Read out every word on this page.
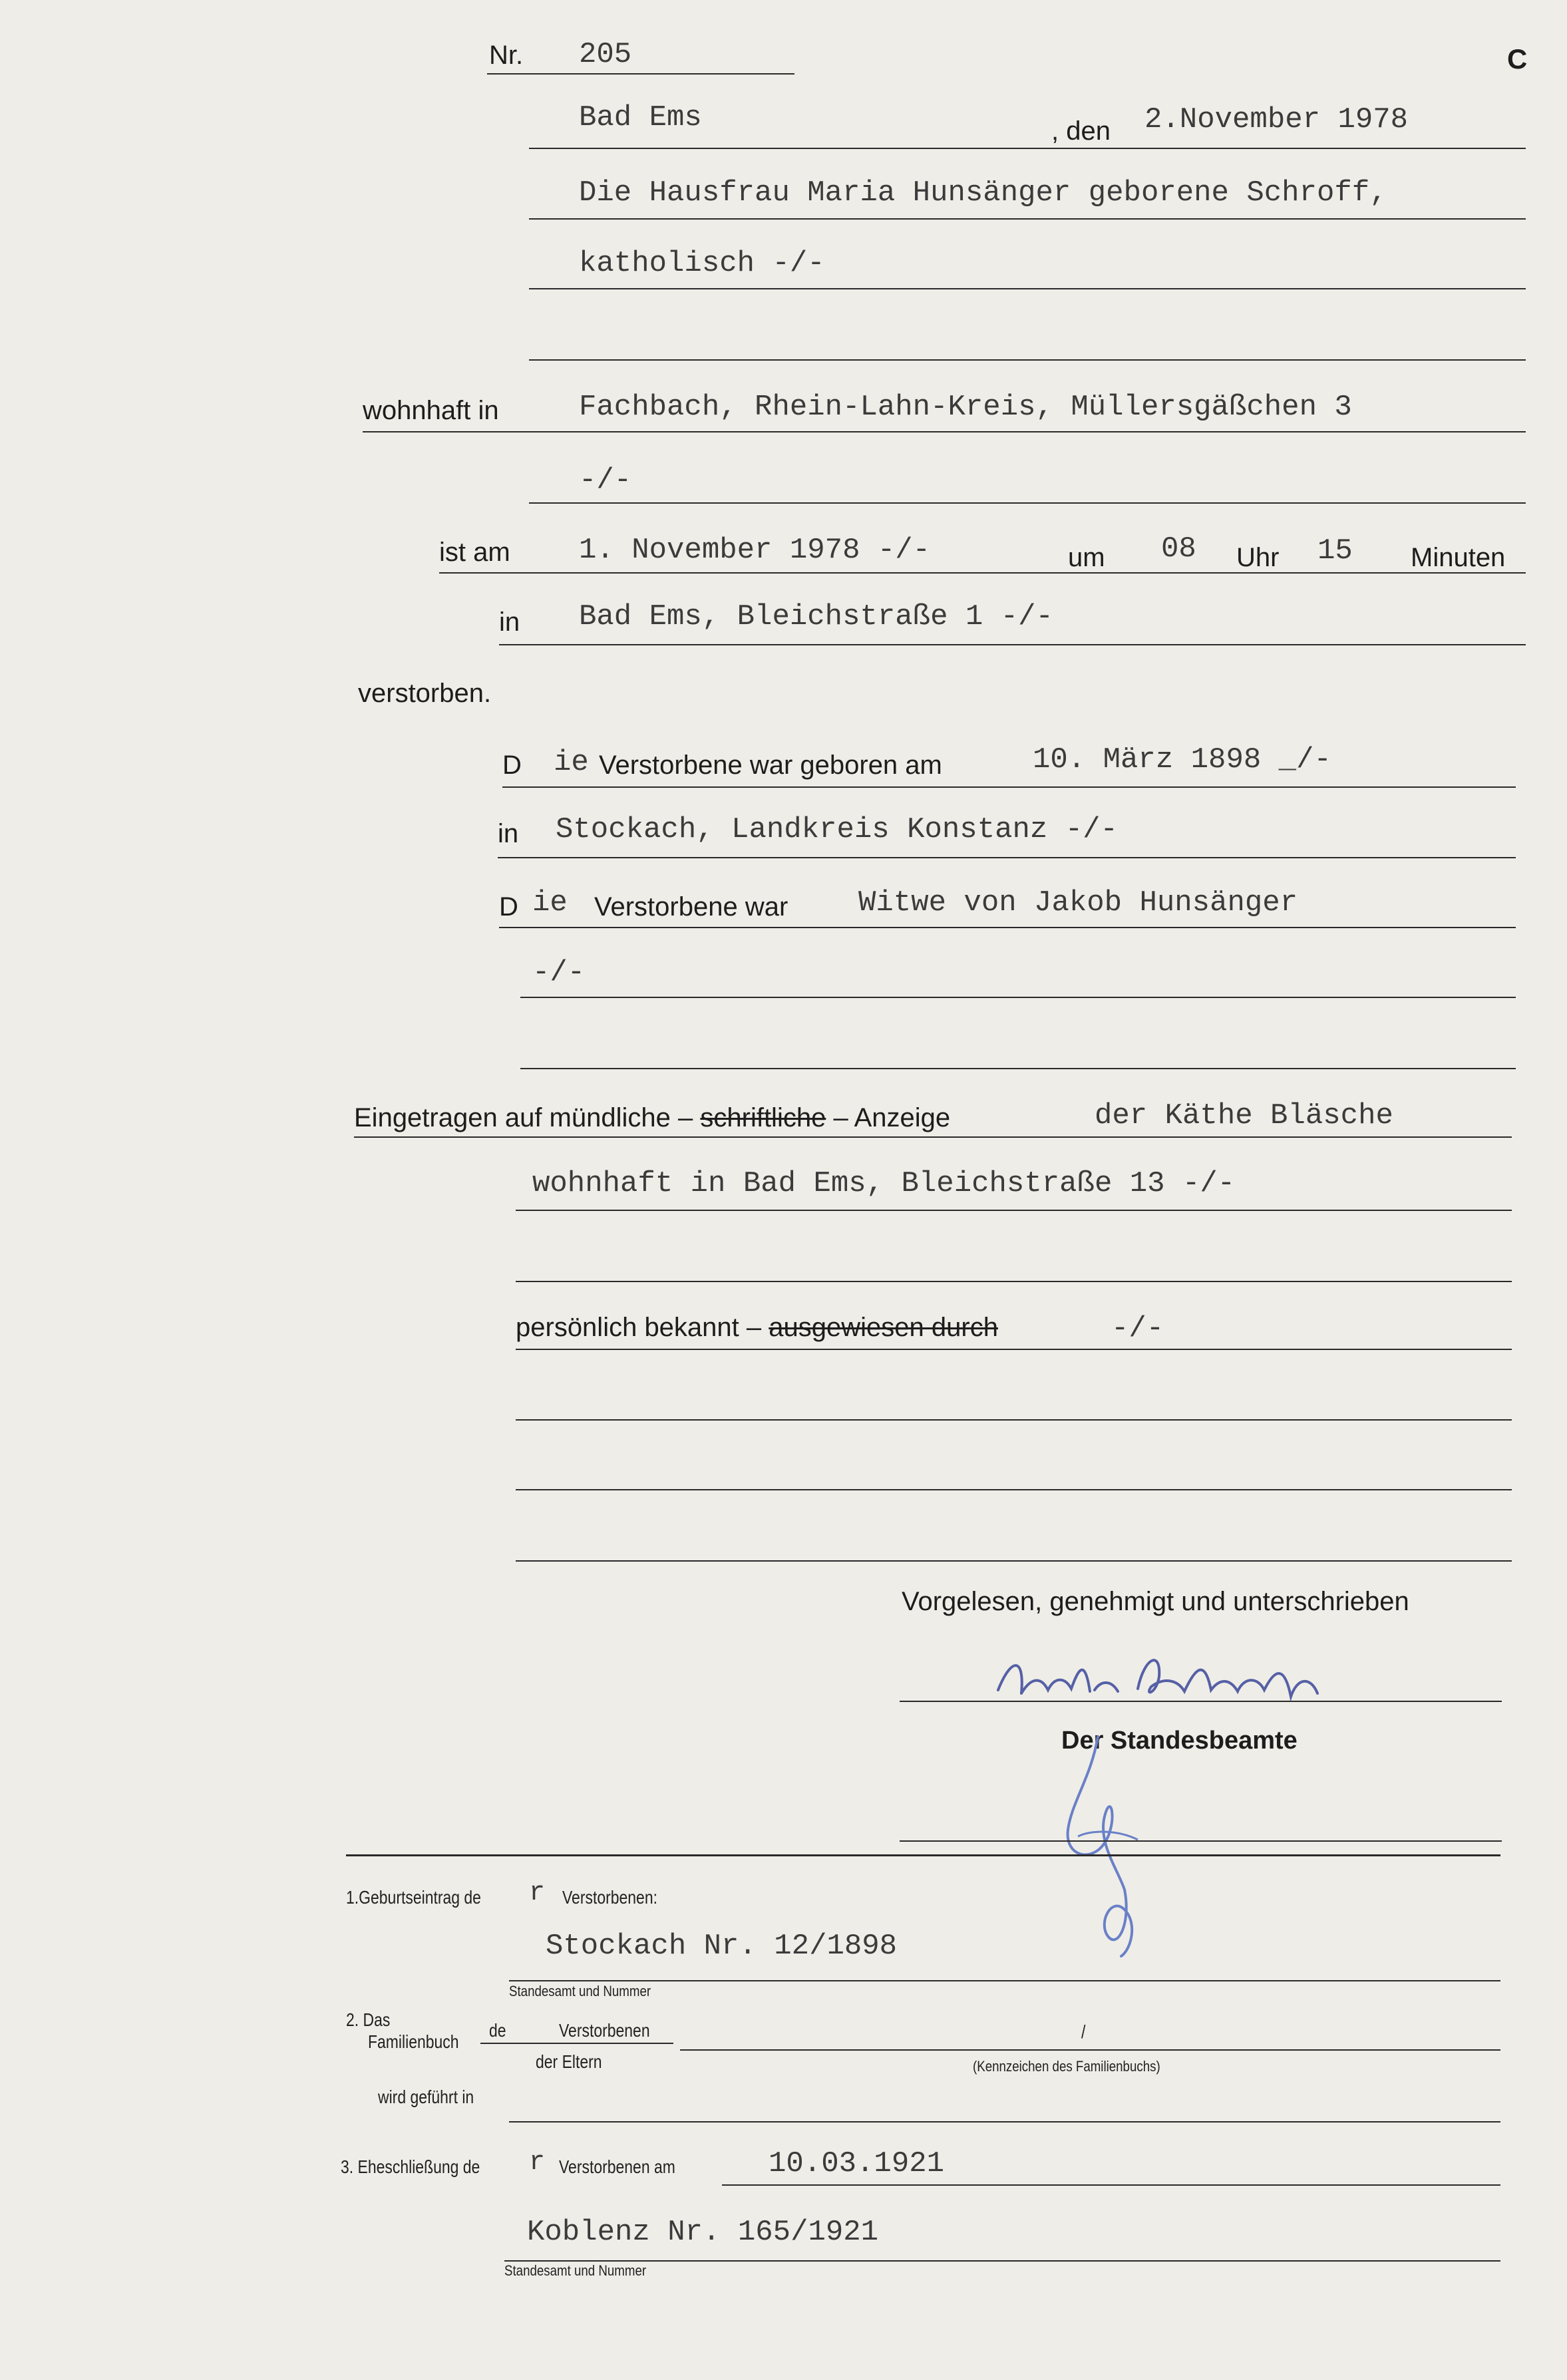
Nr. 205	C
Bad Ems	, den 2.November 1978
Die Hausfrau Maria Hunsänger geborene Schroff,
katholisch -/-
wohnhaft in	Fachbach, Rhein-Lahn-Kreis, Müllersgäßchen 3
-/-
ist am 1. November 1978 -/-	um 08 Uhr 15 Minuten
in Bad Ems, Bleichstraße 1 -/-
verstorben.
D ie Verstorbene war geboren am	10. März 1898 _/-
in Stockach, Landkreis Konstanz -/-
D ie Verstorbene war Witwe von Jakob Hunsänger
-/-
Eingetragen auf mündliche – schriftliche – Anzeige	der Käthe Bläsche
wohnhaft in Bad Ems, Bleichstraße 13 -/-
persönlich bekannt – ausgewiesen durch	-/-
Vorgelesen, genehmigt und unterschrieben
Käthe Bläsche
Der Standesbeamte
1.Geburtseintrag de r Verstorbenen:
Stockach Nr. 12/1898
Standesamt und Nummer
2. Das
Familienbuch
de	Verstorbenen
der Eltern
/
(Kennzeichen des Familienbuchs)
wird geführt in
3. Eheschließung de r Verstorbenen am	10.03.1921
Koblenz Nr. 165/1921
Standesamt und Nummer
